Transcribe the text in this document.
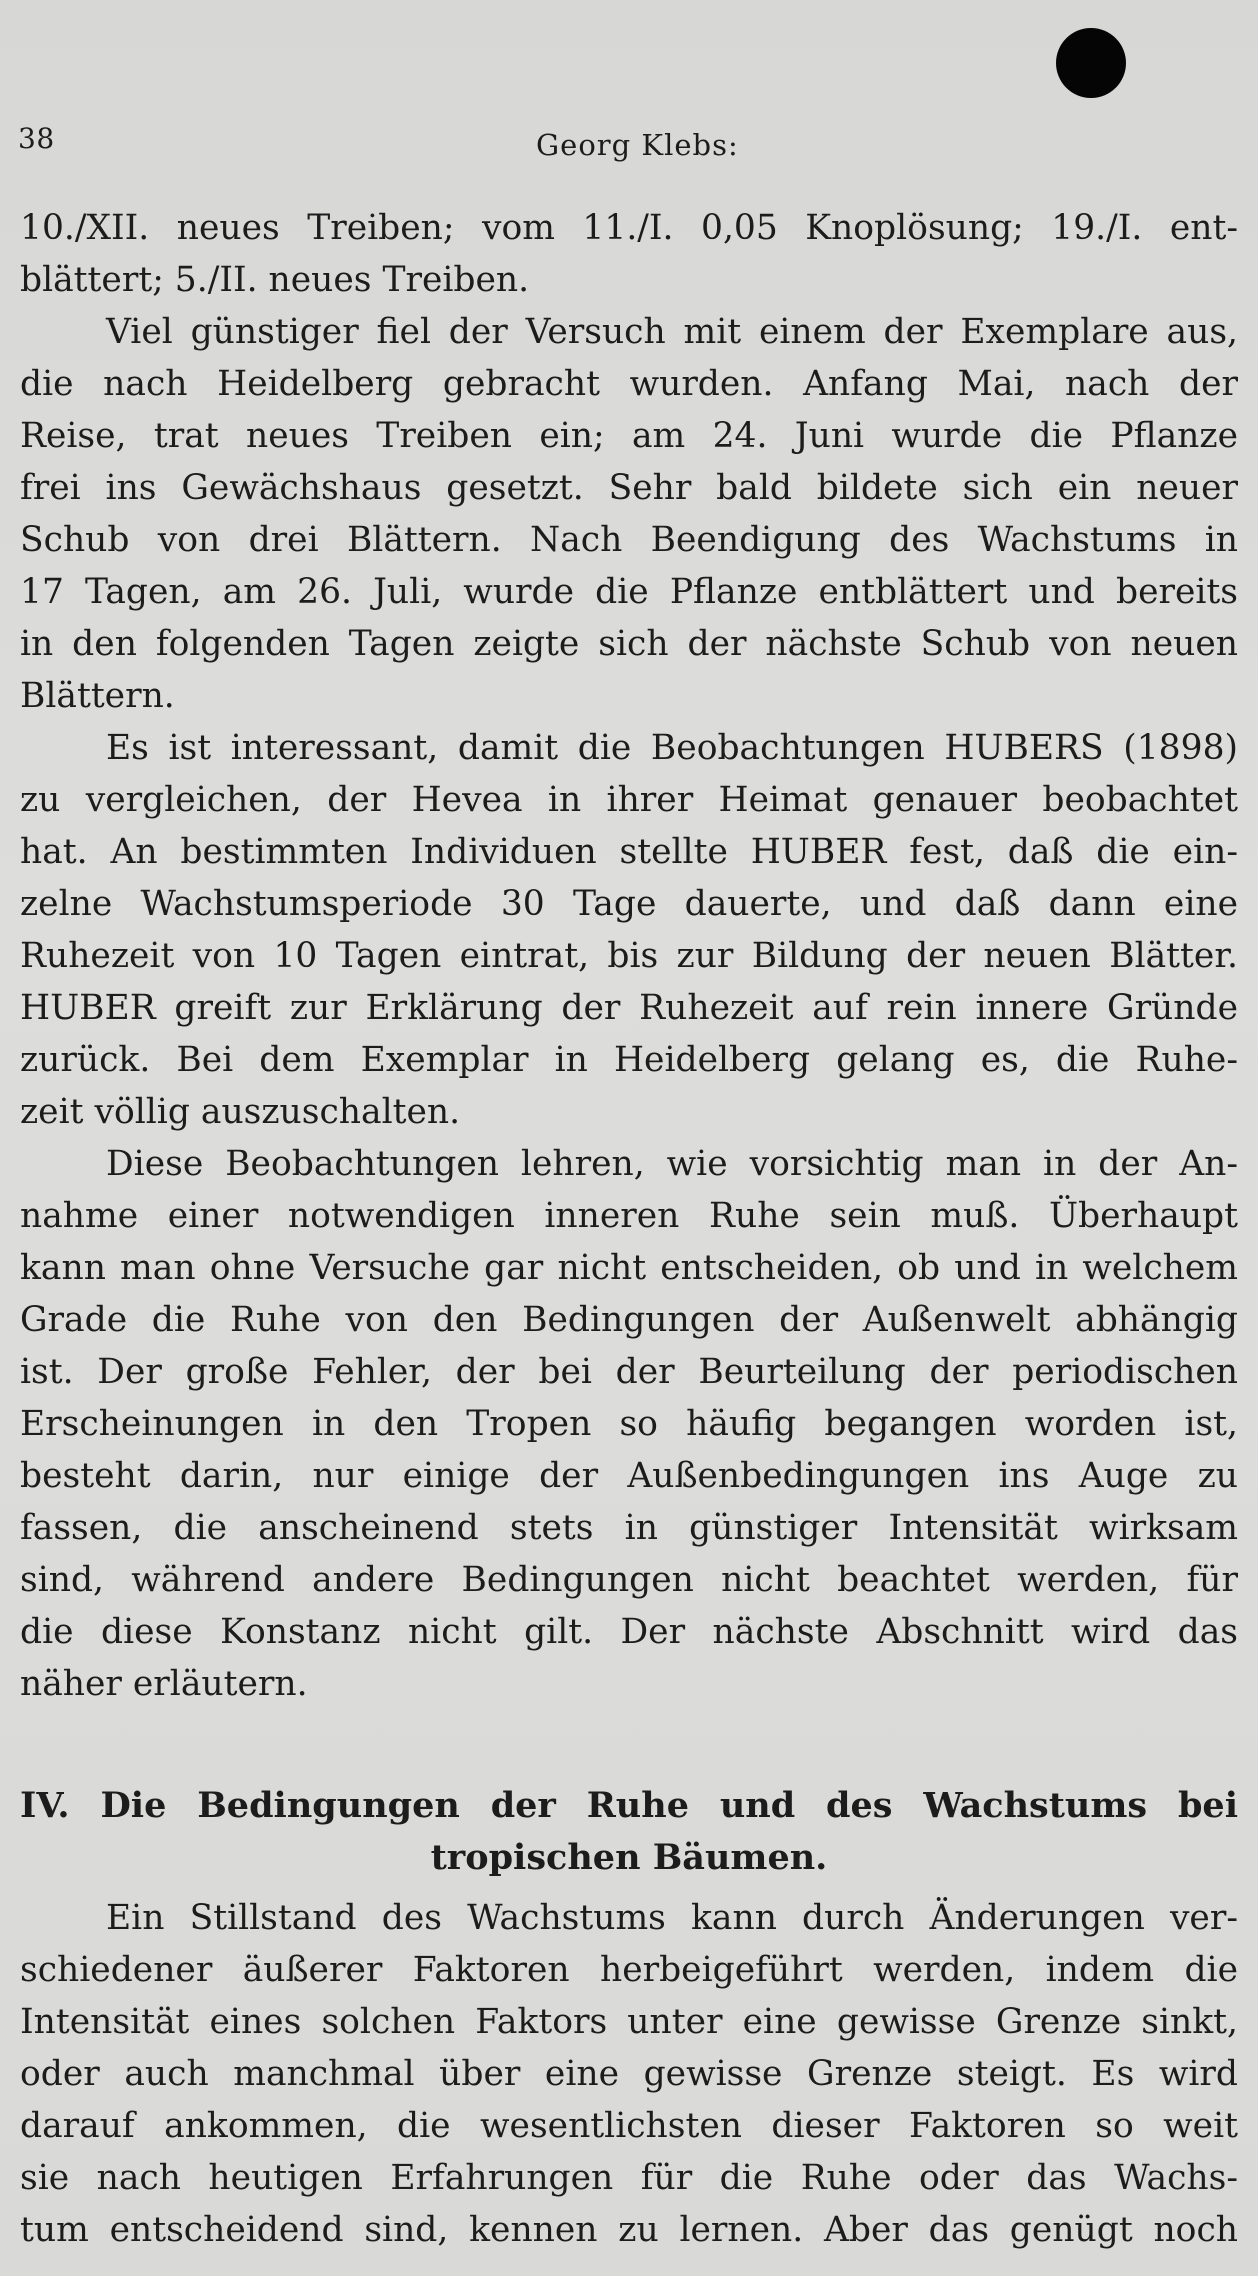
38	Georg Klebs:
10./XII. neues Treiben; vom 11./I. 0,05 Knoplösung; 19./I. ent-
blättert; 5./II. neues Treiben.
Viel günstiger fiel der Versuch mit einem der Exemplare aus,
die nach Heidelberg gebracht wurden. Anfang Mai, nach der
Reise, trat neues Treiben ein; am 24. Juni wurde die Pflanze
frei ins Gewächshaus gesetzt. Sehr bald bildete sich ein neuer
Schub von drei Blättern. Nach Beendigung des Wachstums in
17 Tagen, am 26. Juli, wurde die Pflanze entblättert und bereits
in den folgenden Tagen zeigte sich der nächste Schub von neuen
Blättern.
Es ist interessant, damit die Beobachtungen HUBERS (1898)
zu vergleichen, der Hevea in ihrer Heimat genauer beobachtet
hat. An bestimmten Individuen stellte HUBER fest, daß die ein-
zelne Wachstumsperiode 30 Tage dauerte, und daß dann eine
Ruhezeit von 10 Tagen eintrat, bis zur Bildung der neuen Blätter.
HUBER greift zur Erklärung der Ruhezeit auf rein innere Gründe
zurück. Bei dem Exemplar in Heidelberg gelang es, die Ruhe-
zeit völlig auszuschalten.
Diese Beobachtungen lehren, wie vorsichtig man in der An-
nahme einer notwendigen inneren Ruhe sein muß. Überhaupt
kann man ohne Versuche gar nicht entscheiden, ob und in welchem
Grade die Ruhe von den Bedingungen der Außenwelt abhängig
ist. Der große Fehler, der bei der Beurteilung der periodischen
Erscheinungen in den Tropen so häufig begangen worden ist,
besteht darin, nur einige der Außenbedingungen ins Auge zu
fassen, die anscheinend stets in günstiger Intensität wirksam
sind, während andere Bedingungen nicht beachtet werden, für
die diese Konstanz nicht gilt. Der nächste Abschnitt wird das
näher erläutern.
IV. Die Bedingungen der Ruhe und des Wachstums bei
tropischen Bäumen.
Ein Stillstand des Wachstums kann durch Änderungen ver-
schiedener äußerer Faktoren herbeigeführt werden, indem die
Intensität eines solchen Faktors unter eine gewisse Grenze sinkt,
oder auch manchmal über eine gewisse Grenze steigt. Es wird
darauf ankommen, die wesentlichsten dieser Faktoren so weit
sie nach heutigen Erfahrungen für die Ruhe oder das Wachs-
tum entscheidend sind, kennen zu lernen. Aber das genügt noch
